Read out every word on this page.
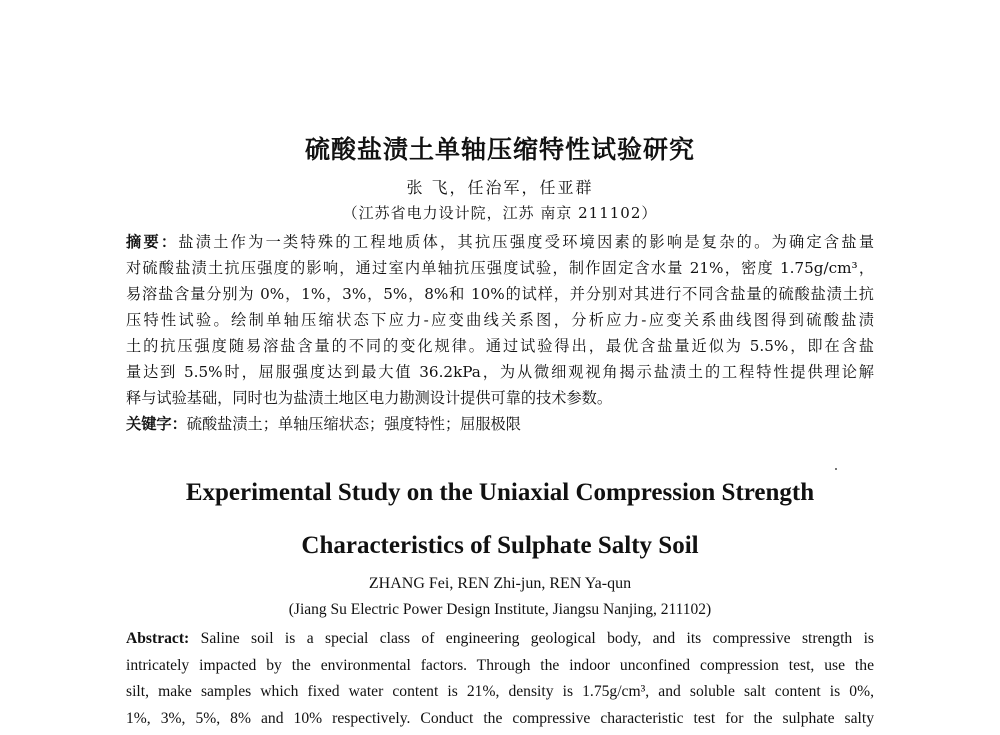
硫酸盐渍土单轴压缩特性试验研究
张 飞，任治军，任亚群
（江苏省电力设计院，江苏 南京 211102）
摘要：盐渍土作为一类特殊的工程地质体，其抗压强度受环境因素的影响是复杂的。为确定含盐量
对硫酸盐渍土抗压强度的影响，通过室内单轴抗压强度试验，制作固定含水量 21%，密度 1.75g/cm³，
易溶盐含量分别为 0%，1%，3%，5%，8%和 10%的试样，并分别对其进行不同含盐量的硫酸盐渍土抗
压特性试验。绘制单轴压缩状态下应力-应变曲线关系图，分析应力-应变关系曲线图得到硫酸盐渍
土的抗压强度随易溶盐含量的不同的变化规律。通过试验得出，最优含盐量近似为 5.5%，即在含盐
量达到 5.5%时，屈服强度达到最大值 36.2kPa，为从微细观视角揭示盐渍土的工程特性提供理论解
释与试验基础，同时也为盐渍土地区电力勘测设计提供可靠的技术参数。
关键字：硫酸盐渍土；单轴压缩状态；强度特性；屈服极限
Experimental Study on the Uniaxial Compression Strength
Characteristics of Sulphate Salty Soil
ZHANG Fei, REN Zhi-jun, REN Ya-qun
(Jiang Su Electric Power Design Institute, Jiangsu Nanjing, 211102)
Abstract: Saline soil is a special class of engineering geological body, and its compressive strength is
intricately impacted by the environmental factors. Through the indoor unconfined compression test, use the
silt, make samples which fixed water content is 21%, density is 1.75g/cm³, and soluble salt content is 0%,
1%, 3%, 5%, 8% and 10% respectively. Conduct the compressive characteristic test for the sulphate salty
